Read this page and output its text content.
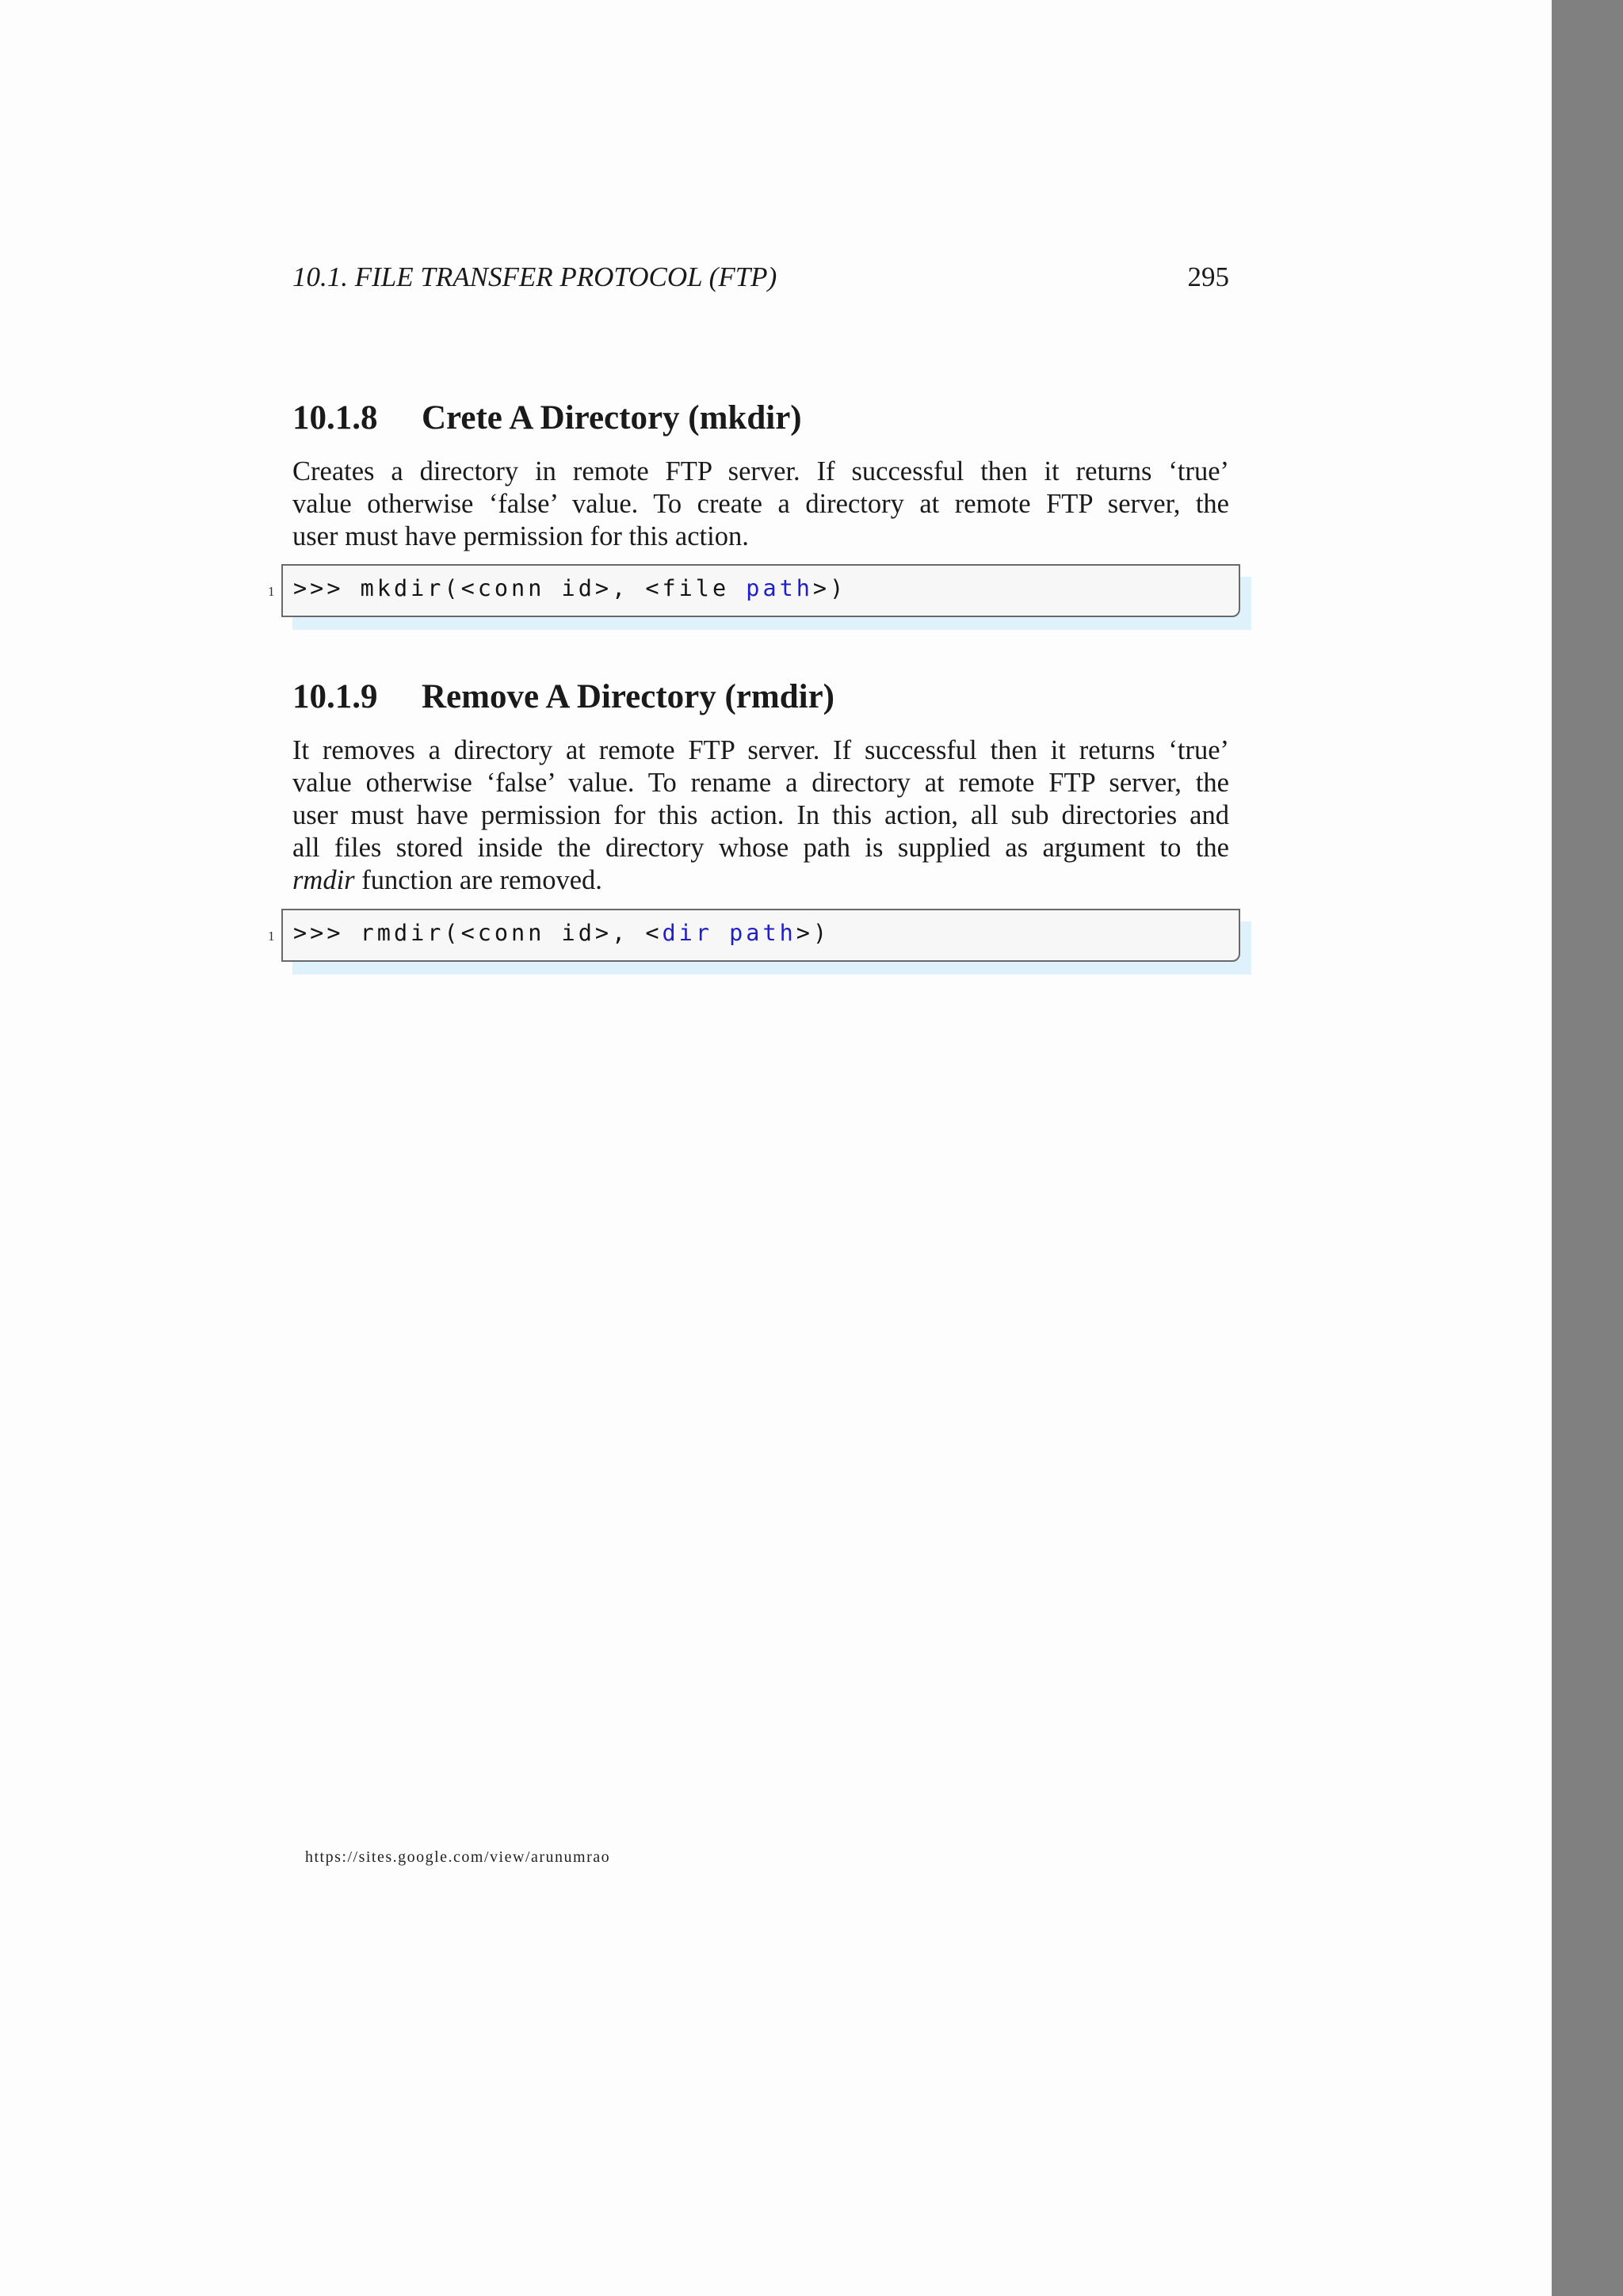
10.1. FILE TRANSFER PROTOCOL (FTP)	295
10.1.8	Crete A Directory (mkdir)
Creates a directory in remote FTP server. If successful then it returns ‘true’
value otherwise ‘false’ value. To create a directory at remote FTP server, the
user must have permission for this action.
1 >>> mkdir(<conn id>, <file path>)
10.1.9	Remove A Directory (rmdir)
It removes a directory at remote FTP server. If successful then it returns ‘true’
value otherwise ‘false’ value. To rename a directory at remote FTP server, the
user must have permission for this action. In this action, all sub directories and
all files stored inside the directory whose path is supplied as argument to the
rmdir function are removed.
1 >>> rmdir(<conn id>, <dir path>)
https://sites.google.com/view/arunumrao
